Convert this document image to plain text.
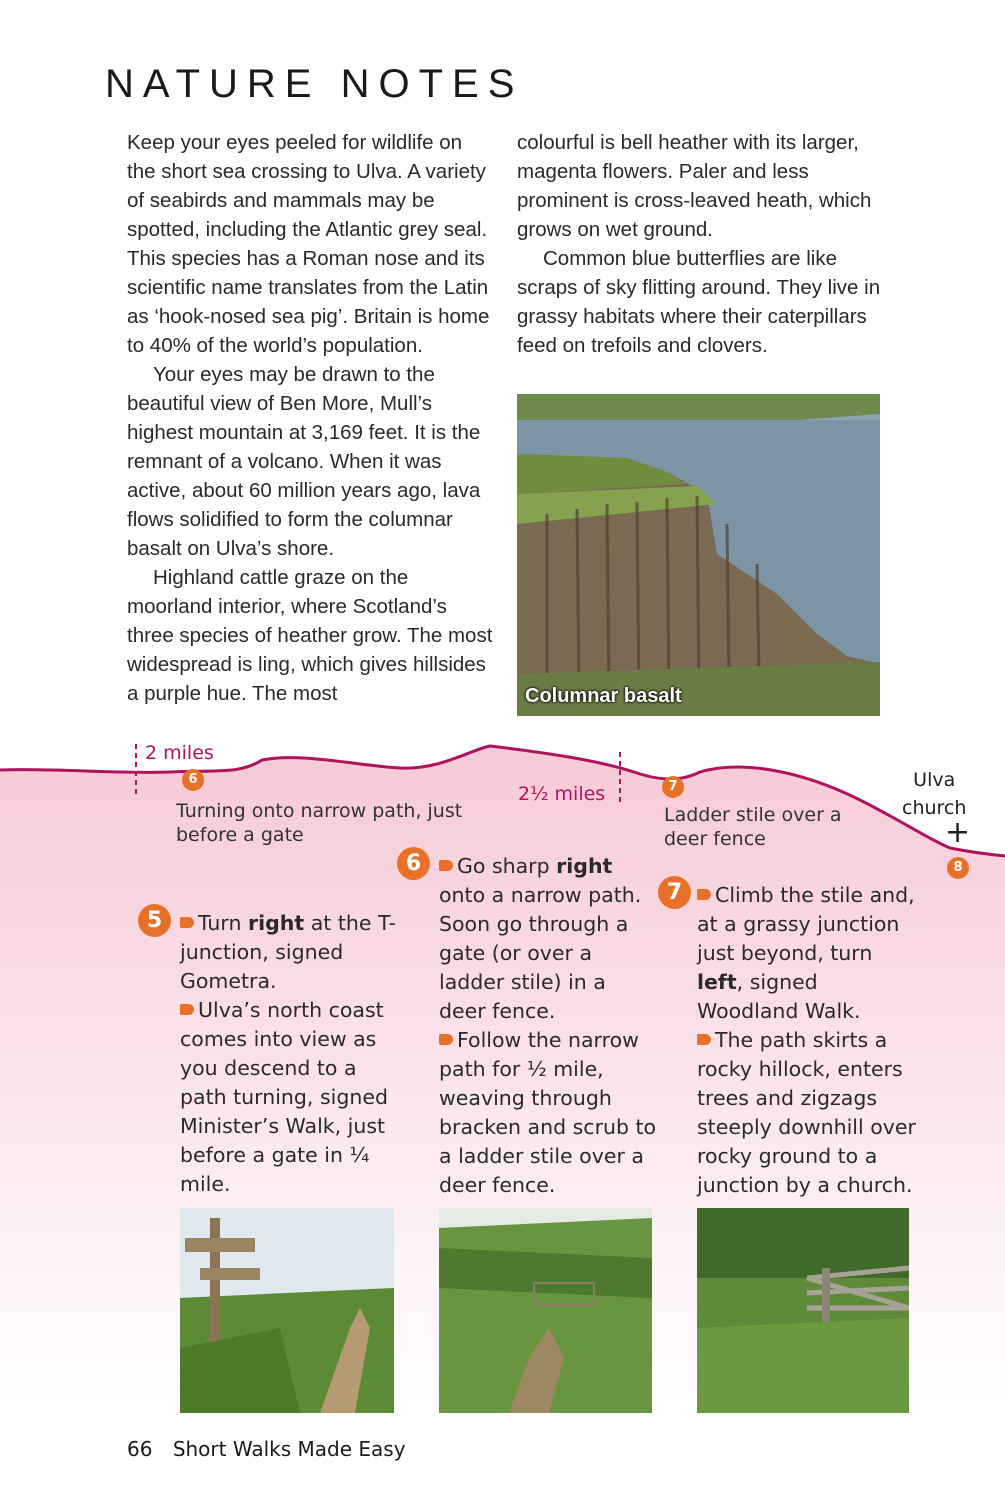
NATURE NOTES

Keep your eyes peeled for wildlife on the short sea crossing to Ulva. A variety of seabirds and mammals may be spotted, including the Atlantic grey seal. This species has a Roman nose and its scientific name translates from the Latin as ‘hook-nosed sea pig’. Britain is home to 40% of the world’s population.

Your eyes may be drawn to the beautiful view of Ben More, Mull’s highest mountain at 3,169 feet. It is the remnant of a volcano. When it was active, about 60 million years ago, lava flows solidified to form the columnar basalt on Ulva’s shore.

Highland cattle graze on the moorland interior, where Scotland’s three species of heather grow. The most widespread is ling, which gives hillsides a purple hue. The most

colourful is bell heather with its larger, magenta flowers. Paler and less prominent is cross-leaved heath, which grows on wet ground.

Common blue butterflies are like scraps of sky flitting around. They live in grassy habitats where their caterpillars feed on trefoils and clovers.

Columnar basalt
2 miles
2½ miles
6
Turning onto narrow path, just before a gate
7
Ladder stile over a deer fence
Ulva
church
+
8
5	Turn right at the T-junction, signed Gometra.

Ulva’s north coast comes into view as you descend to a path turning, signed Minister’s Walk, just before a gate in ¼ mile.

6	Go sharp right onto a narrow path. Soon go through a gate (or over a ladder stile) in a deer fence.

Follow the narrow path for ½ mile, weaving through bracken and scrub to a ladder stile over a deer fence.

7	Climb the stile and, at a grassy junction just beyond, turn left, signed Woodland Walk.

The path skirts a rocky hillock, enters trees and zigzags steeply downhill over rocky ground to a junction by a church.

66 Short Walks Made Easy
